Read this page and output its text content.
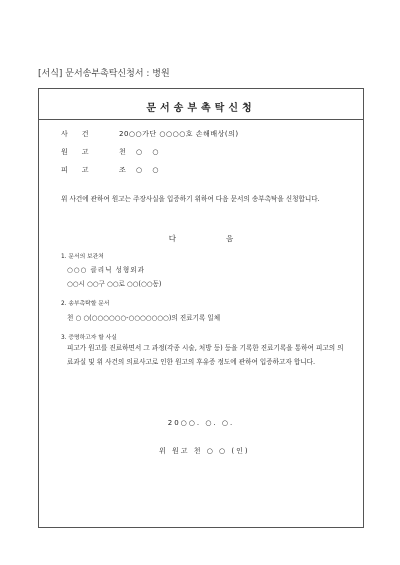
[서식] 문서송부촉탁신청서 : 병원
문서송부촉탁신청
사건 20○○가단 ○○○○호 손해배상(의)
원고 천 ○ ○
피고 조 ○ ○
위 사건에 관하여 원고는 주장사실을 입증하기 위하여 다음 문서의 송부촉탁을 신청합니다.
다음
1. 문서의 보관처
○○○ 클리닉 성형외과
○○시 ○○구 ○○로 ○○(○○동)
2. 송부촉탁할 문서
천 ○ ○(○○○○○○-○○○○○○○)의 진료기록 일체
3. 증명하고자 할 사실
피고가 원고를 진료하면서 그 과정(각종 시술, 처방 등) 등을 기록한 진료기록을 통하여 피고의 의료과실 및 위 사건의 의료사고로 인한 원고의 후유증 정도에 관하여 입증하고자 합니다.
20○○. ○. ○.
위 원고 천 ○ ○ (인)
